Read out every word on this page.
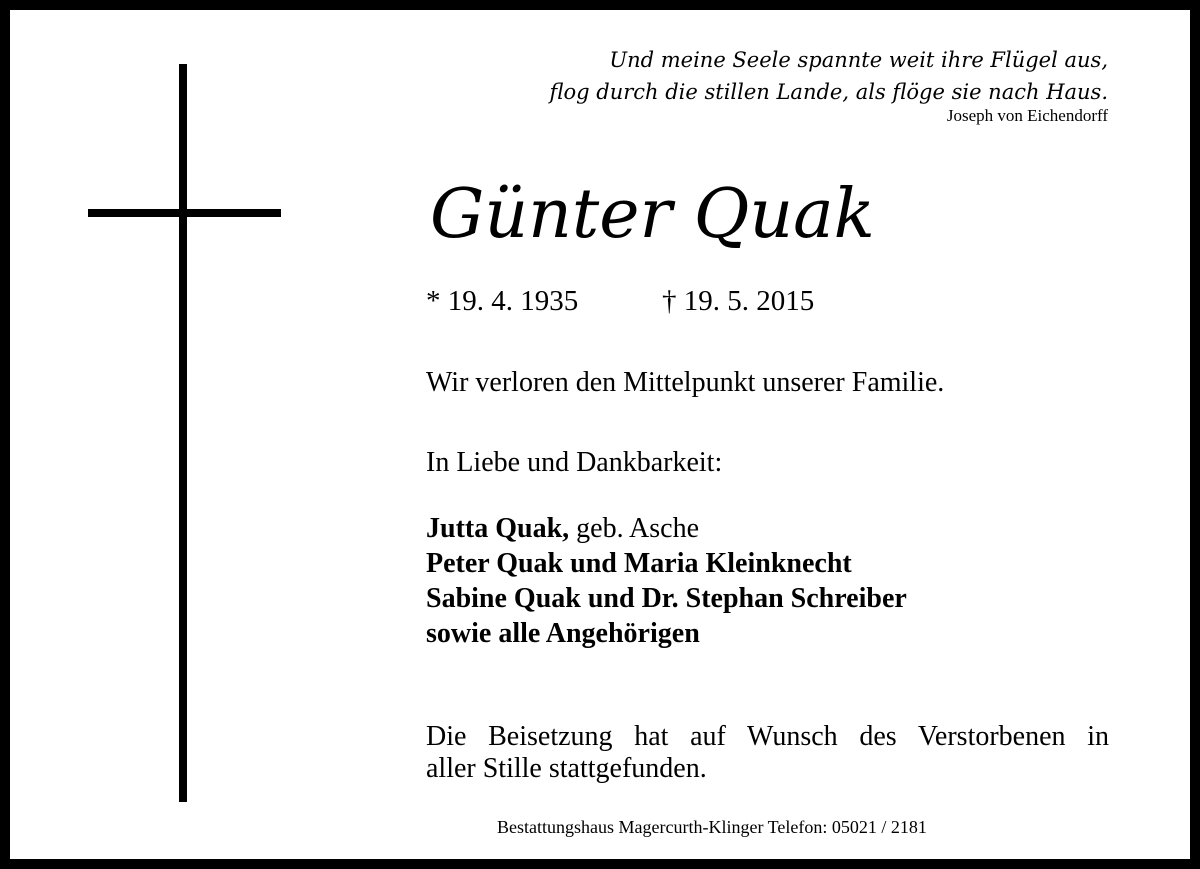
Und meine Seele spannte weit ihre Flügel aus,
flog durch die stillen Lande, als flöge sie nach Haus.
Joseph von Eichendorff
Günter Quak
* 19. 4. 1935	† 19. 5. 2015
Wir verloren den Mittelpunkt unserer Familie.
In Liebe und Dankbarkeit:
Jutta Quak, geb. Asche
Peter Quak und Maria Kleinknecht
Sabine Quak und Dr. Stephan Schreiber
sowie alle Angehörigen
Die Beisetzung hat auf Wunsch des Verstorbenen in
aller Stille stattgefunden.
Bestattungshaus Magercurth-Klinger Telefon: 05021 / 2181
